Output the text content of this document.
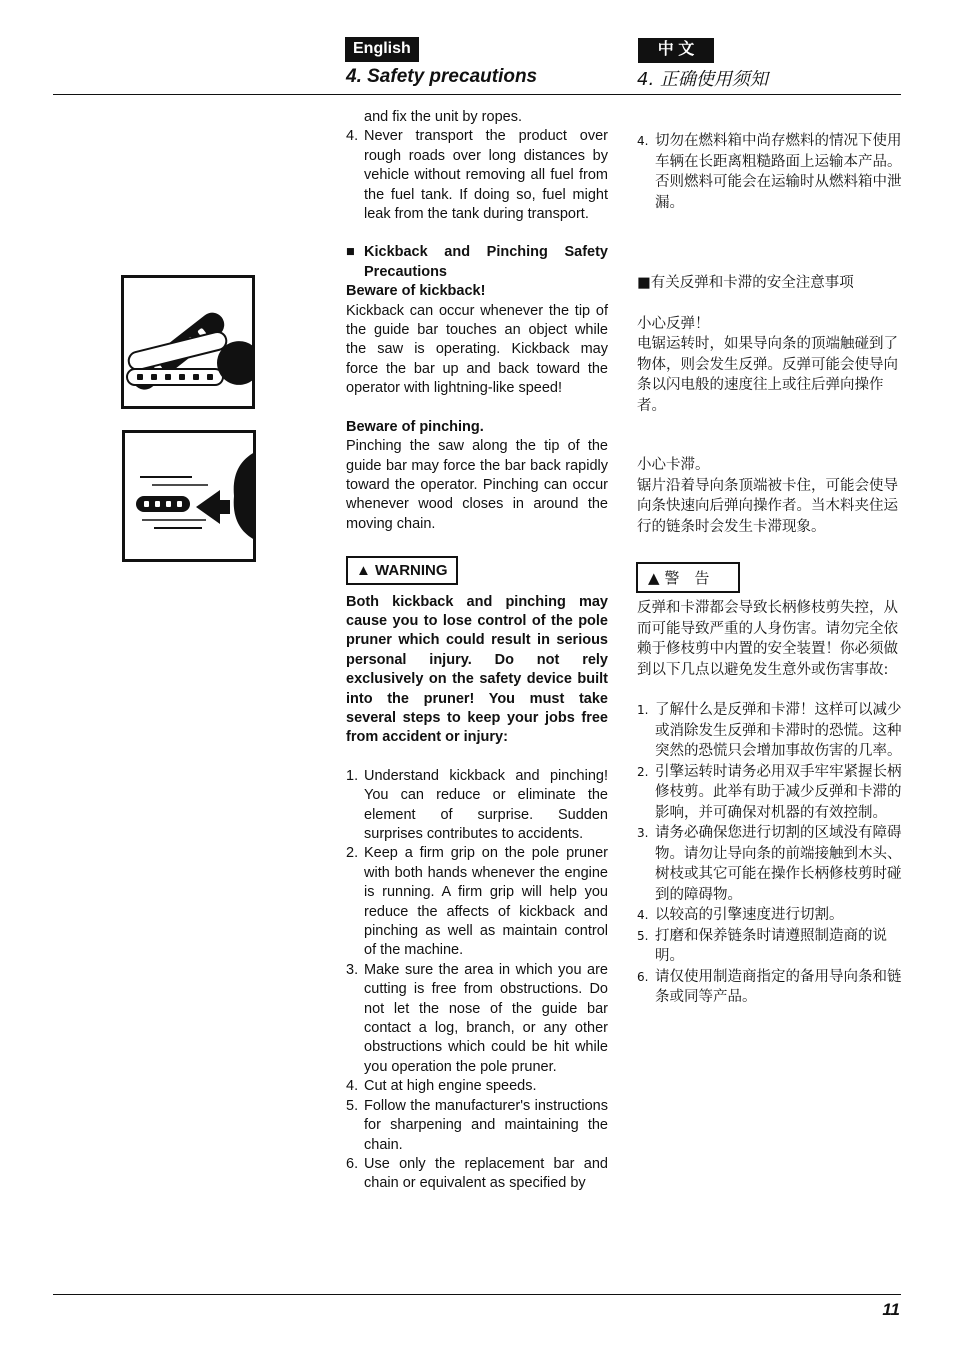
English	中 文
4. Safety precautions	4. 正确使用须知

and fix the unit by ropes.

4. Never transport the product over rough roads over long distances by vehicle without removing all fuel from the fuel tank. If doing so, fuel might leak from the tank during transport.
■ Kickback and Pinching Safety Precautions

Beware of kickback!

Kickback can occur whenever the tip of the guide bar touches an object while the saw is operating. Kickback may force the bar up and back toward the operator with lightning-like speed!

Beware of pinching.

Pinching the saw along the tip of the guide bar may force the bar back rapidly toward the operator. Pinching can occur whenever wood closes in around the moving chain.

▲ WARNING

Both kickback and pinching may cause you to lose control of the pole pruner which could result in serious personal injury. Do not rely exclusively on the safety device built into the pruner! You must take several steps to keep your jobs free from accident or injury:

1. Understand kickback and pinching! You can reduce or eliminate the element of surprise. Sudden surprises contributes to accidents.
2. Keep a firm grip on the pole pruner with both hands whenever the engine is running. A firm grip will help you reduce the affects of kickback and pinching as well as maintain control of the machine.
3. Make sure the area in which you are cutting is free from obstructions. Do not let the nose of the guide bar contact a log, branch, or any other obstructions which could be hit while you operation the pole pruner.
4. Cut at high engine speeds.
5. Follow the manufacturer's instructions for sharpening and maintaining the chain.
6. Use only the replacement bar and chain or equivalent as specified by
4. 切勿在燃料箱中尚存燃料的情况下使用车辆在长距离粗糙路面上运输本产品。否则燃料可能会在运输时从燃料箱中泄漏。

■有关反弹和卡滞的安全注意事项

小心反弹！

电锯运转时，如果导向条的顶端触碰到了物体，则会发生反弹。反弹可能会使导向条以闪电般的速度往上或往后弹向操作者。

小心卡滞。

锯片沿着导向条顶端被卡住，可能会使导向条快速向后弹向操作者。当木料夹住运行的链条时会发生卡滞现象。

▲ 警　告

反弹和卡滞都会导致长柄修枝剪失控，从而可能导致严重的人身伤害。请勿完全依赖于修枝剪中内置的安全装置！你必须做到以下几点以避免发生意外或伤害事故:

1. 了解什么是反弹和卡滞！这样可以减少或消除发生反弹和卡滞时的恐慌。这种突然的恐慌只会增加事故伤害的几率。
2. 引擎运转时请务必用双手牢牢紧握长柄修枝剪。此举有助于减少反弹和卡滞的影响，并可确保对机器的有效控制。
3. 请务必确保您进行切割的区域没有障碍物。请勿让导向条的前端接触到木头、树枝或其它可能在操作长柄修枝剪时碰到的障碍物。
4. 以较高的引擎速度进行切割。
5. 打磨和保养链条时请遵照制造商的说明。
6. 请仅使用制造商指定的备用导向条和链条或同等产品。
11
